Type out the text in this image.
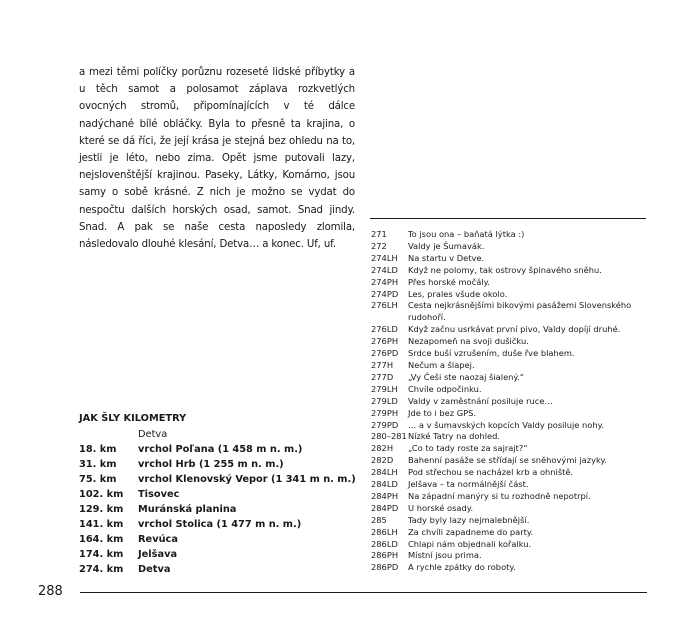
a mezi těmi políčky porůznu rozeseté lidské příbytky a u těch samot a polosamot záplava rozkvetlých ovocných stromů, připomínajících v té dálce nadýchané bílé obláčky. Byla to přesně ta krajina, o které se dá říci, že její krása je stejná bez ohledu na to, jestli je léto, nebo zima. Opět jsme putovali lazy, nejslovenštější krajinou. Paseky, Látky, Komárno, jsou samy o sobě krásné. Z nich je možno se vydat do nespočtu dalších horských osad, samot. Snad jindy. Snad. A pak se naše cesta naposledy zlomila, následovalo dlouhé klesání, Detva… a konec. Uf, uf.

271	To jsou ona – baňatá lýtka :)
272	Valdy je Šumavák.
274LH	Na startu v Detve.
274LD	Když ne polomy, tak ostrovy špinavého sněhu.
274PH	Přes horské močály.
274PD	Les, prales všude okolo.
276LH	Cesta nejkrásnějšími bikovými pasážemi Slovenského rudohoří.
276LD	Když začnu usrkávat první pivo, Valdy dopíjí druhé.
276PH	Nezapomeň na svoji dušičku.
276PD	Srdce buší vzrušením, duše řve blahem.
277H	Nečum a šlapej.
277D	„Vy Češi ste naozaj šialený.“
279LH	Chvíle odpočinku.
279LD	Valdy v zaměstnání posiluje ruce…
279PH	Jde to i bez GPS.
279PD	… a v šumavských kopcích Valdy posiluje nohy.
280–281 Nízké Tatry na dohled.
282H	„Co to tady roste za sajrajt?“
282D	Bahenní pasáže se střídají se sněhovými jazyky.
284LH	Pod střechou se nacházel krb a ohniště.
284LD	Jelšava – ta normálnější část.
284PH	Na západní manýry si tu rozhodně nepotrpí.
284PD	U horské osady.
285	Tady byly lazy nejmalebnější.
286LH	Za chvíli zapadneme do party.
286LD	Chlapi nám objednali kořalku.
286PH	Místní jsou prima.
286PD	A rychle zpátky do roboty.
JAK ŠLY KILOMETRY
Detva
18. km	vrchol Poľana (1 458 m n. m.)
31. km	vrchol Hrb (1 255 m n. m.)
75. km	vrchol Klenovský Vepor (1 341 m n. m.)
102. km	Tisovec
129. km	Muránská planina
141. km	vrchol Stolica (1 477 m n. m.)
164. km	Revúca
174. km	Jelšava
274. km	Detva
288
